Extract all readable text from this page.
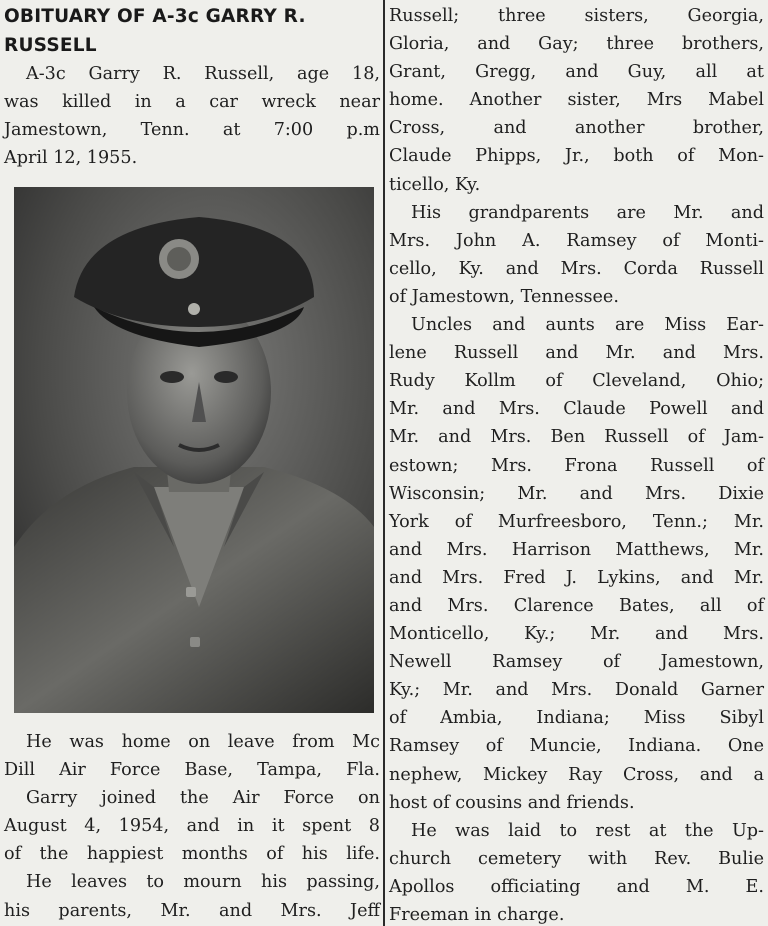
OBITUARY OF A-3c GARRY R.
RUSSELL
A-3c Garry R. Russell, age 18,
was killed in a car wreck near
Jamestown, Tenn. at 7:00 p.m
April 12, 1955.
He was home on leave from Mc
Dill Air Force Base, Tampa, Fla.
Garry joined the Air Force on
August 4, 1954, and in it spent 8
of the happiest months of his life.
He leaves to mourn his passing,
his parents, Mr. and Mrs. Jeff
Russell; three sisters, Georgia,
Gloria, and Gay; three brothers,
Grant, Gregg, and Guy, all at
home. Another sister, Mrs Mabel
Cross, and another brother,
Claude Phipps, Jr., both of Mon-
ticello, Ky.
His grandparents are Mr. and
Mrs. John A. Ramsey of Monti-
cello, Ky. and Mrs. Corda Russell
of Jamestown, Tennessee.
Uncles and aunts are Miss Ear-
lene Russell and Mr. and Mrs.
Rudy Kollm of Cleveland, Ohio;
Mr. and Mrs. Claude Powell and
Mr. and Mrs. Ben Russell of Jam-
estown; Mrs. Frona Russell of
Wisconsin; Mr. and Mrs. Dixie
York of Murfreesboro, Tenn.; Mr.
and Mrs. Harrison Matthews, Mr.
and Mrs. Fred J. Lykins, and Mr.
and Mrs. Clarence Bates, all of
Monticello, Ky.; Mr. and Mrs.
Newell Ramsey of Jamestown,
Ky.; Mr. and Mrs. Donald Garner
of Ambia, Indiana; Miss Sibyl
Ramsey of Muncie, Indiana. One
nephew, Mickey Ray Cross, and a
host of cousins and friends.
He was laid to rest at the Up-
church cemetery with Rev. Bulie
Apollos officiating and M. E.
Freeman in charge.
